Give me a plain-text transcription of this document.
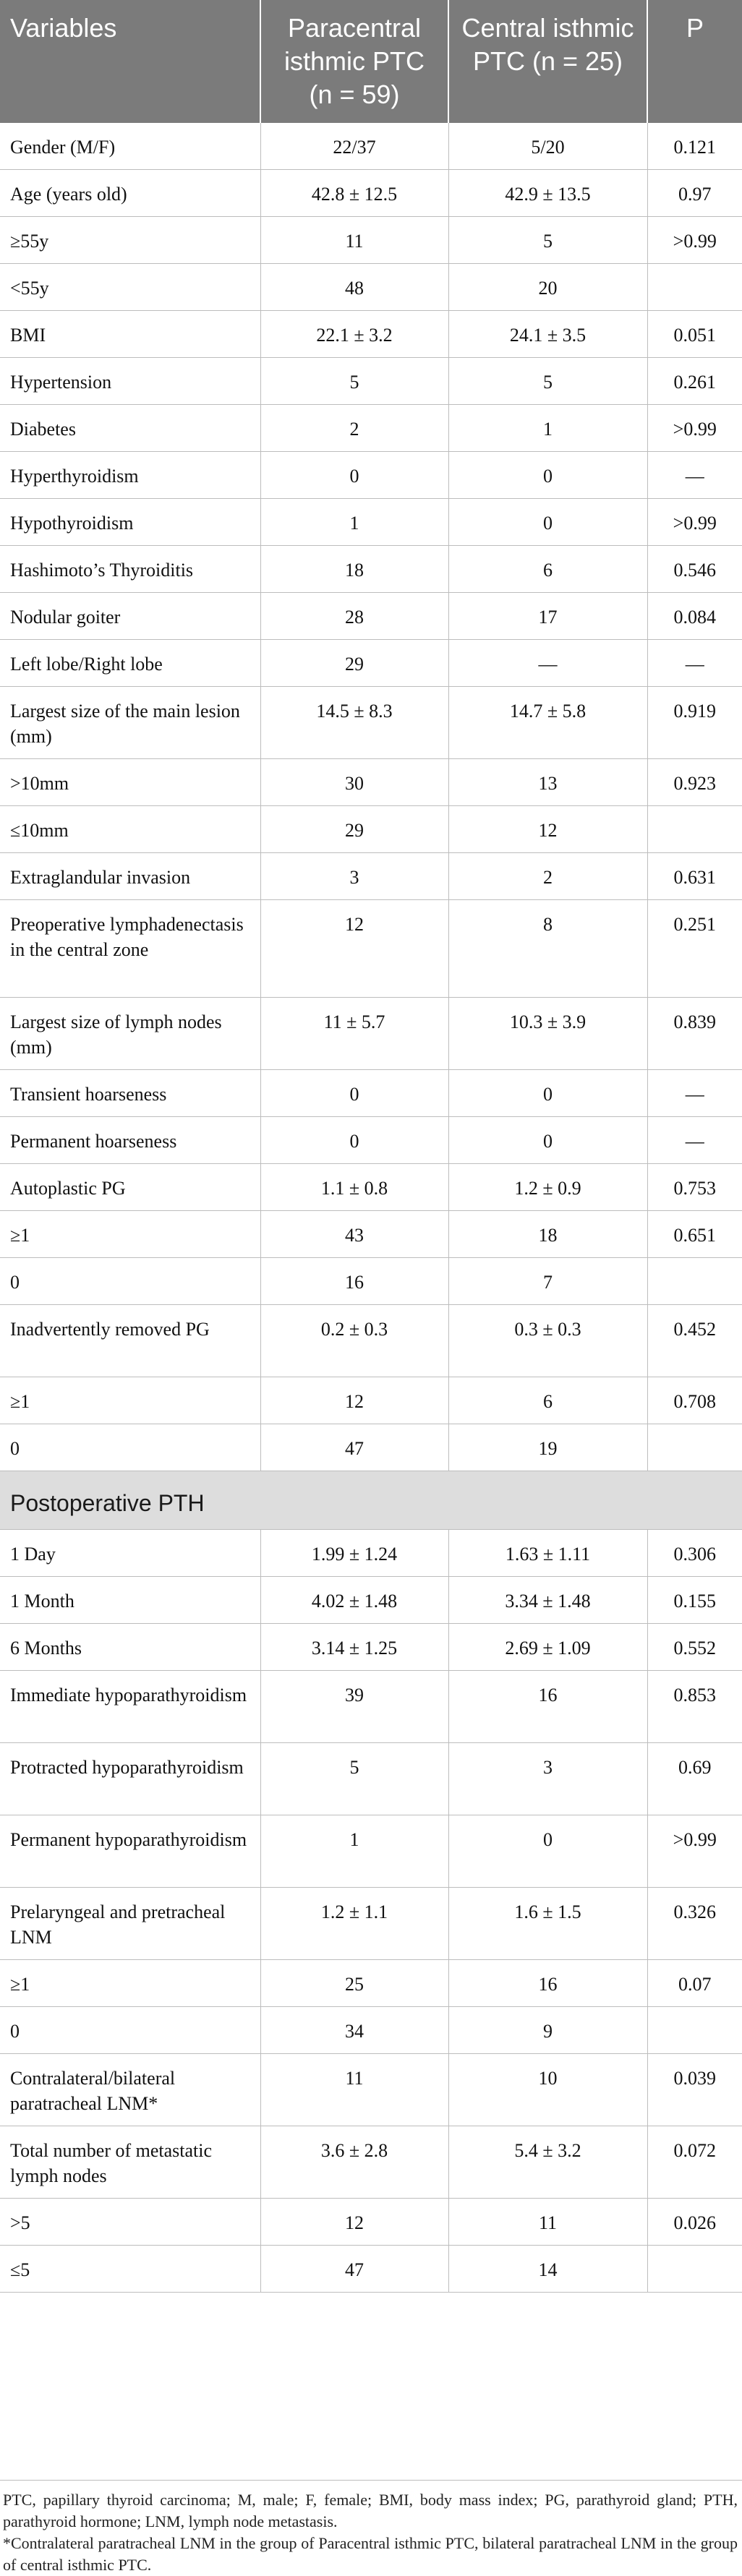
Variables	Paracentral isthmic PTC (n = 59)	Central isthmic PTC (n = 25)	P
Gender (M/F)	22/37	5/20	0.121
Age (years old)	42.8 ± 12.5	42.9 ± 13.5	0.97
≥55y	11	5	>0.99
<55y	48	20	
BMI	22.1 ± 3.2	24.1 ± 3.5	0.051
Hypertension	5	5	0.261
Diabetes	2	1	>0.99
Hyperthyroidism	0	0	—
Hypothyroidism	1	0	>0.99
Hashimoto’s Thyroiditis	18	6	0.546
Nodular goiter	28	17	0.084
Left lobe/Right lobe	29	—	—
Largest size of the main lesion (mm)	14.5 ± 8.3	14.7 ± 5.8	0.919
>10mm	30	13	0.923
≤10mm	29	12	
Extraglandular invasion	3	2	0.631
Preoperative lymphadenectasis in the central zone	12	8	0.251
Largest size of lymph nodes (mm)	11 ± 5.7	10.3 ± 3.9	0.839
Transient hoarseness	0	0	—
Permanent hoarseness	0	0	—
Autoplastic PG	1.1 ± 0.8	1.2 ± 0.9	0.753
≥1	43	18	0.651
0	16	7	
Inadvertently removed PG	0.2 ± 0.3	0.3 ± 0.3	0.452
≥1	12	6	0.708
0	47	19	
Postoperative PTH			
1 Day	1.99 ± 1.24	1.63 ± 1.11	0.306
1 Month	4.02 ± 1.48	3.34 ± 1.48	0.155
6 Months	3.14 ± 1.25	2.69 ± 1.09	0.552
Immediate hypoparathyroidism	39	16	0.853
Protracted hypoparathyroidism	5	3	0.69
Permanent hypoparathyroidism	1	0	>0.99
Prelaryngeal and pretracheal LNM	1.2 ± 1.1	1.6 ± 1.5	0.326
≥1	25	16	0.07
0	34	9	
Contralateral/bilateral paratracheal LNM*	11	10	0.039
Total number of metastatic lymph nodes	3.6 ± 2.8	5.4 ± 3.2	0.072
>5	12	11	0.026
≤5	47	14	

PTC, papillary thyroid carcinoma; M, male; F, female; BMI, body mass index; PG, parathyroid gland; PTH, parathyroid hormone; LNM, lymph node metastasis.

*Contralateral paratracheal LNM in the group of Paracentral isthmic PTC, bilateral paratracheal LNM in the group of central isthmic PTC.
